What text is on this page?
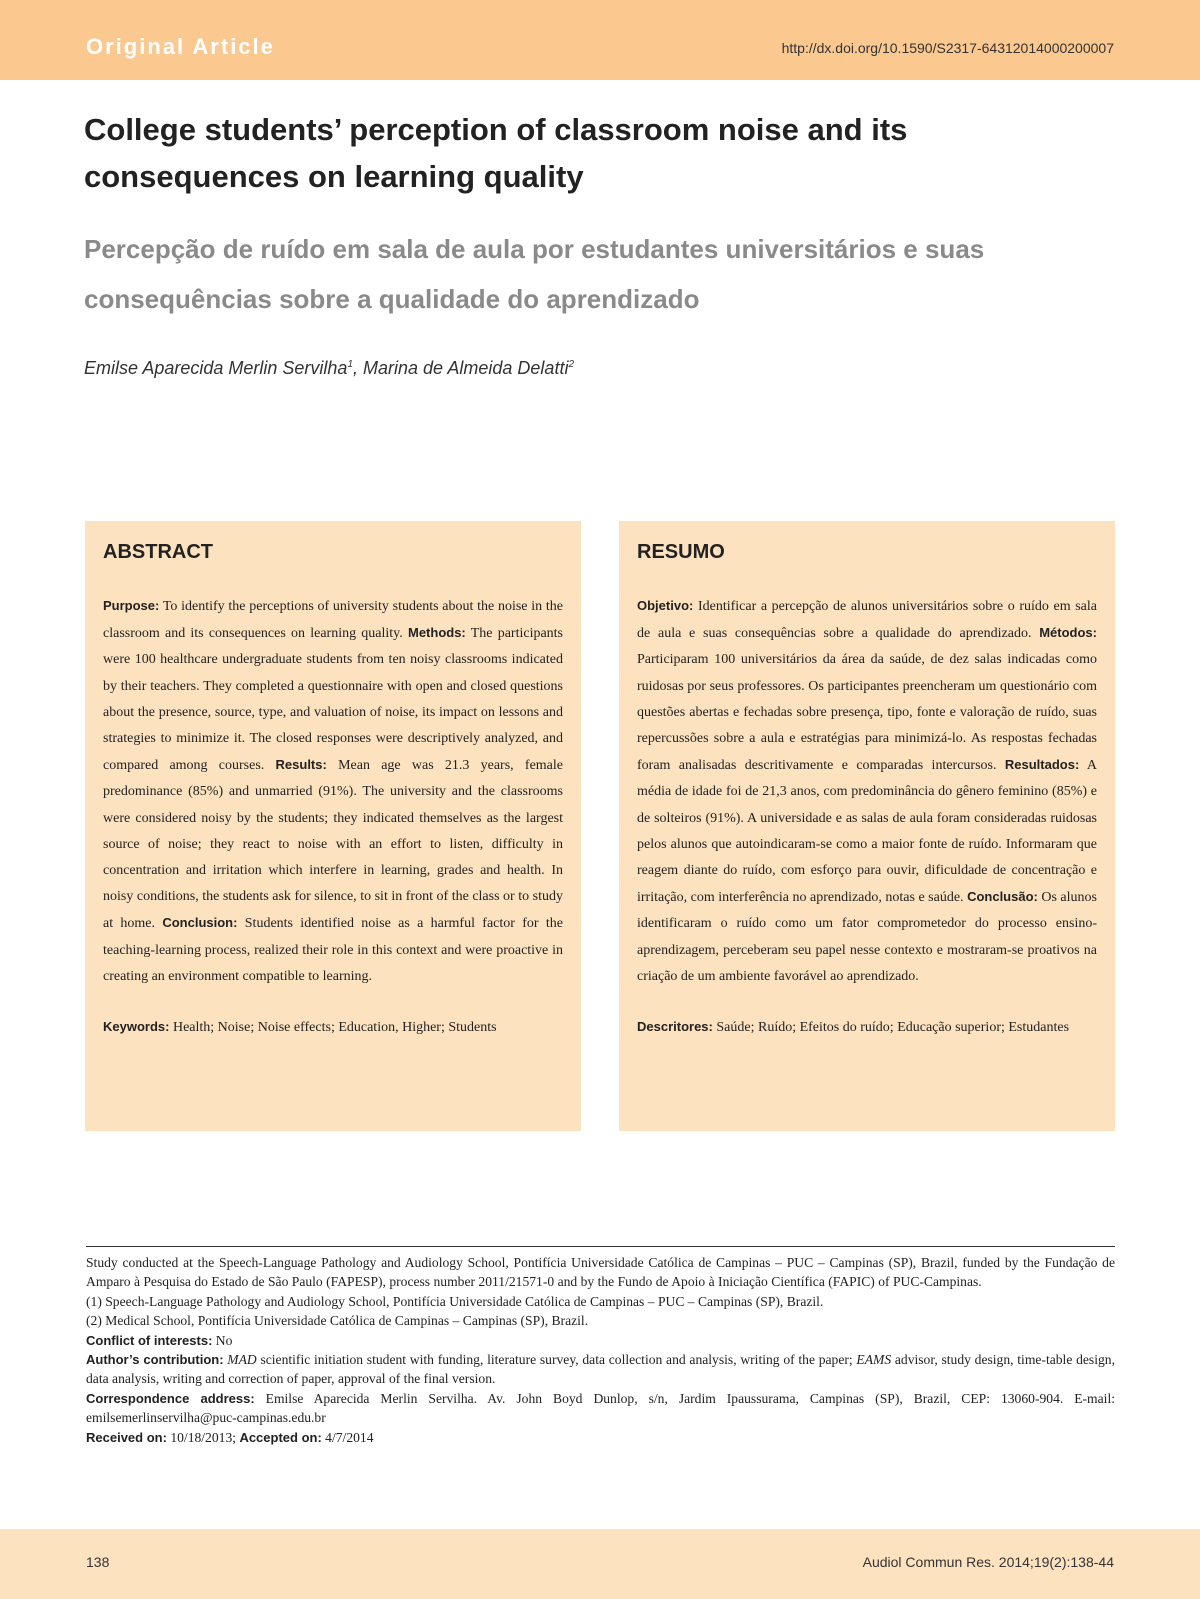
Original Article	http://dx.doi.org/10.1590/S2317-64312014000200007
College students’ perception of classroom noise and its consequences on learning quality
Percepção de ruído em sala de aula por estudantes universitários e suas consequências sobre a qualidade do aprendizado
Emilse Aparecida Merlin Servilha$^1$, Marina de Almeida Delatti$^2$
ABSTRACT
Purpose: To identify the perceptions of university students about the noise in the classroom and its consequences on learning quality. Methods: The participants were 100 healthcare undergraduate students from ten noisy classrooms indicated by their teachers. They completed a questionnaire with open and closed questions about the presence, source, type, and valuation of noise, its impact on lessons and strategies to minimize it. The closed responses were descriptively analyzed, and compared among courses. Results: Mean age was 21.3 years, female predominance (85%) and unmarried (91%). The university and the classrooms were considered noisy by the students; they indicated themselves as the largest source of noise; they react to noise with an effort to listen, difficulty in concentration and irritation which interfere in learning, grades and health. In noisy conditions, the students ask for silence, to sit in front of the class or to study at home. Conclusion: Students identified noise as a harmful factor for the teaching-learning process, realized their role in this context and were proactive in creating an environment compatible to learning.
Keywords: Health; Noise; Noise effects; Education, Higher; Students
RESUMO
Objetivo: Identificar a percepção de alunos universitários sobre o ruído em sala de aula e suas consequências sobre a qualidade do aprendizado. Métodos: Participaram 100 universitários da área da saúde, de dez salas indicadas como ruidosas por seus professores. Os participantes preencheram um questionário com questões abertas e fechadas sobre presença, tipo, fonte e valoração de ruído, suas repercussões sobre a aula e estratégias para minimizá-lo. As respostas fechadas foram analisadas descritivamente e comparadas intercursos. Resultados: A média de idade foi de 21,3 anos, com predominância do gênero feminino (85%) e de solteiros (91%). A universidade e as salas de aula foram consideradas ruidosas pelos alunos que autoindicaram-se como a maior fonte de ruído. Informaram que reagem diante do ruído, com esforço para ouvir, dificuldade de concentração e irritação, com interferência no aprendizado, notas e saúde. Conclusão: Os alunos identificaram o ruído como um fator comprometedor do processo ensino-aprendizagem, perceberam seu papel nesse contexto e mostraram-se proativos na criação de um ambiente favorável ao aprendizado.
Descritores: Saúde; Ruído; Efeitos do ruído; Educação superior; Estudantes

Study conducted at the Speech-Language Pathology and Audiology School, Pontifícia Universidade Católica de Campinas – PUC – Campinas (SP), Brazil, funded by the Fundação de Amparo à Pesquisa do Estado de São Paulo (FAPESP), process number 2011/21571-0 and by the Fundo de Apoio à Iniciação Científica (FAPIC) of PUC-Campinas.

(1) Speech-Language Pathology and Audiology School, Pontifícia Universidade Católica de Campinas – PUC – Campinas (SP), Brazil.

(2) Medical School, Pontifícia Universidade Católica de Campinas – Campinas (SP), Brazil.

Conflict of interests: No

Author’s contribution: MAD scientific initiation student with funding, literature survey, data collection and analysis, writing of the paper; EAMS advisor, study design, time-table design, data analysis, writing and correction of paper, approval of the final version.

Correspondence address: Emilse Aparecida Merlin Servilha. Av. John Boyd Dunlop, s/n, Jardim Ipaussurama, Campinas (SP), Brazil, CEP: 13060-904. E-mail: emilsemerlinservilha@puc-campinas.edu.br

Received on: 10/18/2013; Accepted on: 4/7/2014

138	Audiol Commun Res. 2014;19(2):138-44
